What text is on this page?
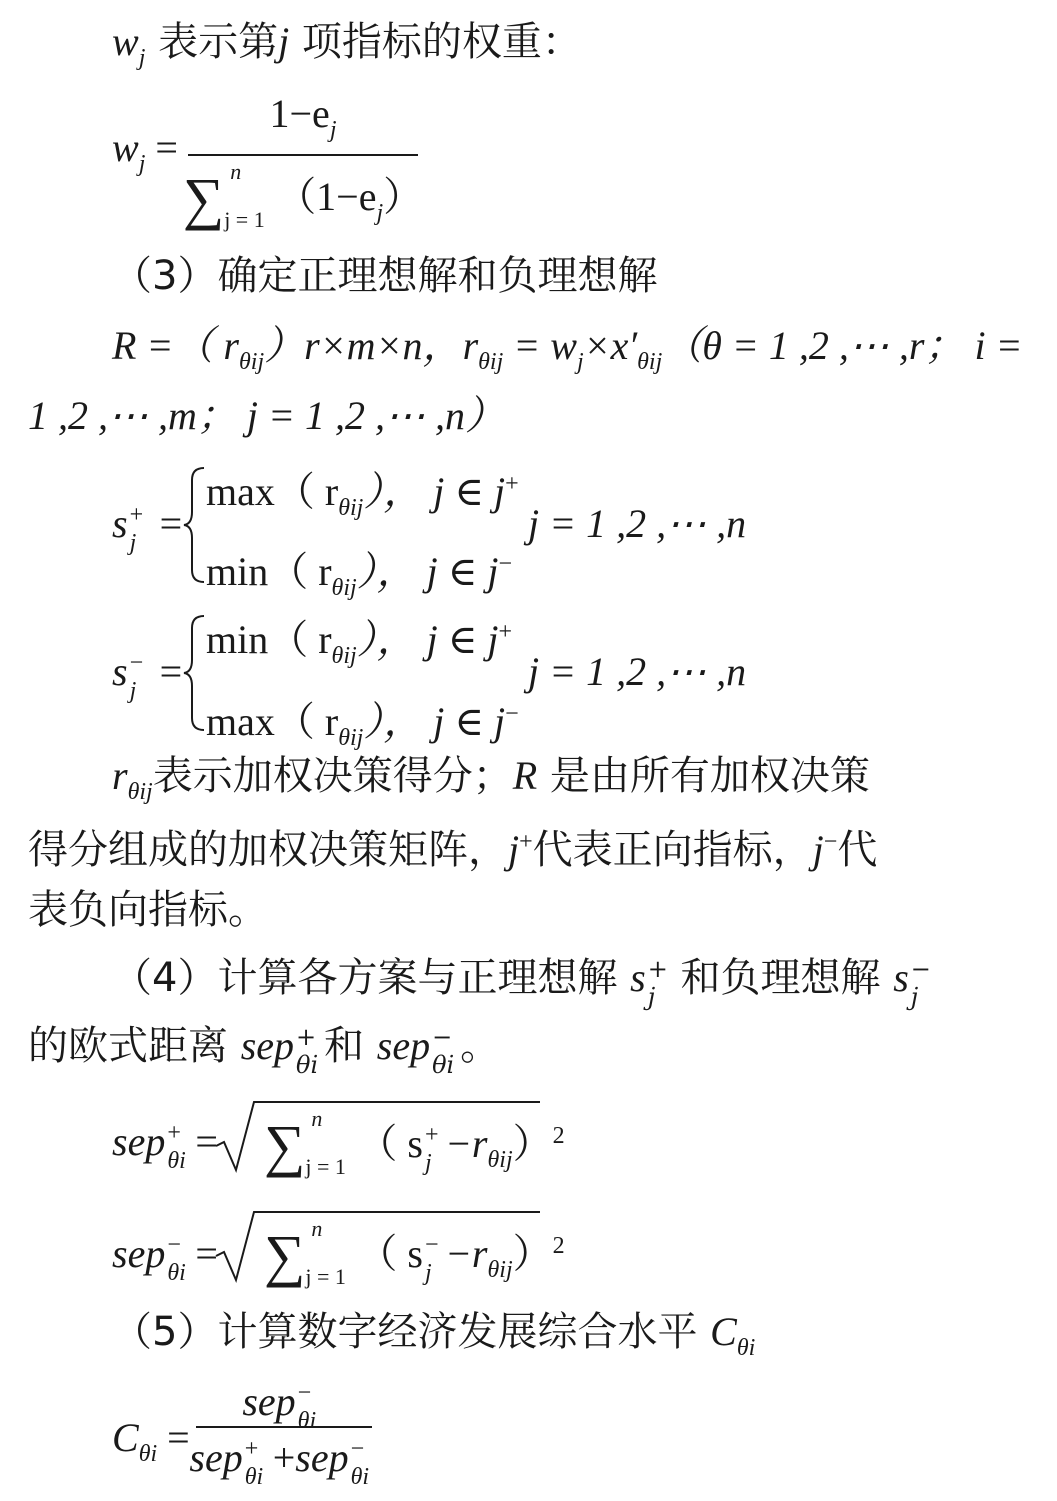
$w_j$ 表示第j 项指标的权重：
$w_j$ =
$1-e_j$
∑ n
j = 1
$(1-e_j)$
（3）确定正理想解和负理想解
R =（ $r_{\theta ij})r\times m\times n$，$r_{\theta ij} = w_j\times x'_{\theta ij}(\theta = 1$ ,2 ,⋯ ,r； i =
1 ,2 ,⋯ ,m； j = 1 ,2 ,⋯ ,n）
s +
j =
max（ $r_{\theta ij}$）， j ∈ j+
min（ $r_{\theta ij}$）， j ∈ j−
j = 1 ,2 ,⋯ ,n
s −
j =
min（ $r_{\theta ij}$）， j ∈ j+
max（ $r_{\theta ij}$）， j ∈ j−
j = 1 ,2 ,⋯ ,n
$r_{\theta ij}$表示加权决策得分；R 是由所有加权决策
得分组成的加权决策矩阵，j+代表正向指标，j−代
表负向指标。
（4）计算各方案与正理想解 s +
j 和负理想解 s −
j
的欧式距离 sep +
θi 和 sep −
θi 。
sep +
θi = ∑ n
j = 1
（ s +
$j -r_{\theta ij})^2$
sep −
θi = ∑ n
j = 1
（ s −
$j -r_{\theta ij})^2$
（5）计算数字经济发展综合水平 $C_{\theta i}$
$C_{\theta i}$ =
sep −
θi
sep +
θi +sep −
θi
